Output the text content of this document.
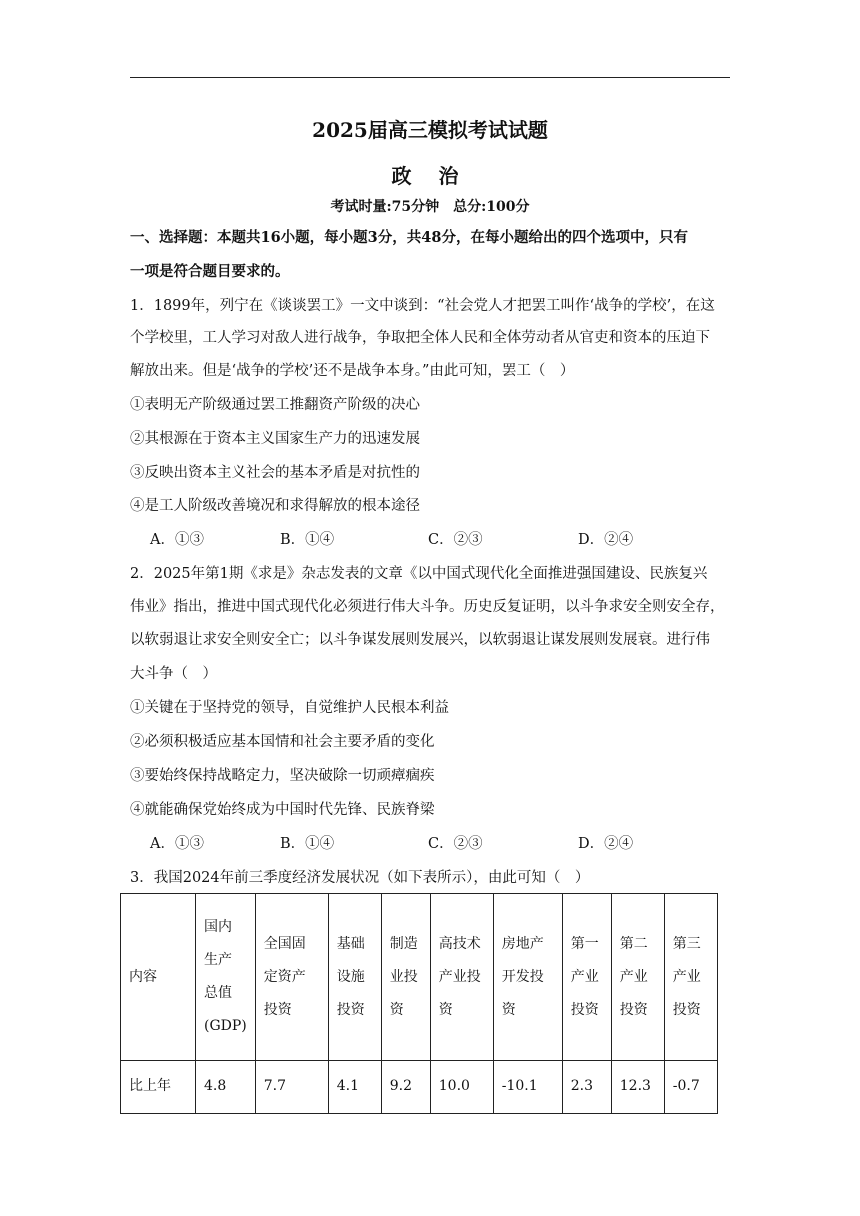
2025届高三模拟考试试题
政 治
考试时量:75分钟　总分:100分
一、选择题：本题共16小题，每小题3分，共48分，在每小题给出的四个选项中，只有
一项是符合题目要求的。
1．1899年，列宁在《谈谈罢工》一文中谈到：“社会党人才把罢工叫作‘战争的学校’，在这
个学校里，工人学习对敌人进行战争，争取把全体人民和全体劳动者从官吏和资本的压迫下
解放出来。但是‘战争的学校’还不是战争本身。”由此可知，罢工（　）
①表明无产阶级通过罢工推翻资产阶级的决心
②其根源在于资本主义国家生产力的迅速发展
③反映出资本主义社会的基本矛盾是对抗性的
④是工人阶级改善境况和求得解放的根本途径
A．①③	B．①④	C．②③	D．②④
2．2025年第1期《求是》杂志发表的文章《以中国式现代化全面推进强国建设、民族复兴
伟业》指出，推进中国式现代化必须进行伟大斗争。历史反复证明，以斗争求安全则安全存，
以软弱退让求安全则安全亡；以斗争谋发展则发展兴，以软弱退让谋发展则发展衰。进行伟
大斗争（　）
①关键在于坚持党的领导，自觉维护人民根本利益
②必须积极适应基本国情和社会主要矛盾的变化
③要始终保持战略定力，坚决破除一切顽瘴痼疾
④就能确保党始终成为中国时代先锋、民族脊梁
A．①③	B．①④	C．②③	D．②④
3．我国2024年前三季度经济发展状况（如下表所示），由此可知（　）
内容	国内
生产
总值
(GDP)	全国固
定资产
投资	基础
设施
投资	制造
业投
资	高技术
产业投
资	房地产
开发投
资	第一
产业
投资	第二
产业
投资	第三
产业
投资
比上年	4.8	7.7	4.1	9.2	10.0	-10.1	2.3	12.3	-0.7
